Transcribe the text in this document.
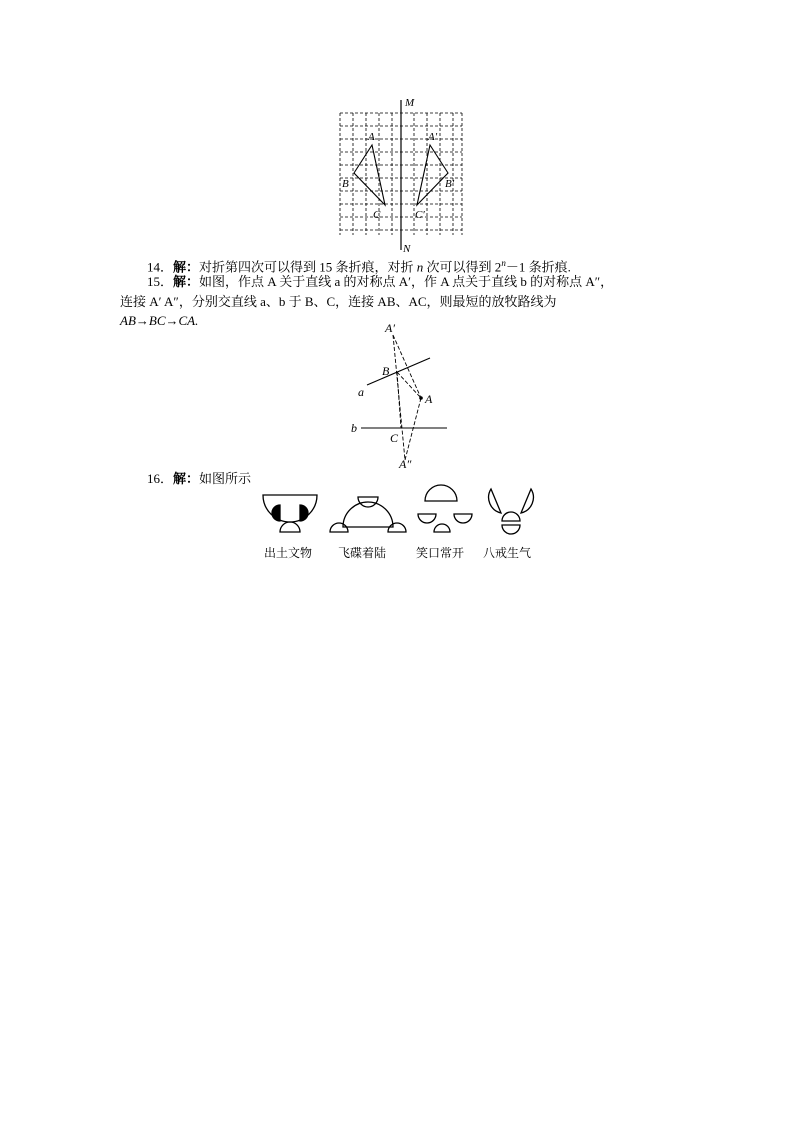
M
N
A
B
C
A′
B′
C′
14．解：对折第四次可以得到 15 条折痕，对折 n 次可以得到 $2^n-1$ 条折痕.
15．解：如图，作点 A 关于直线 a 的对称点 A′，作 A 点关于直线 b 的对称点 A″，
连接 A′ A″，分别交直线 a、b 于 B、C，连接 AB、AC，则最短的放牧路线为
AB→BC→CA.	A′
B
A
C
A″
a
b
16．解：如图所示
出土文物 飞碟着陆 笑口常开 八戒生气
